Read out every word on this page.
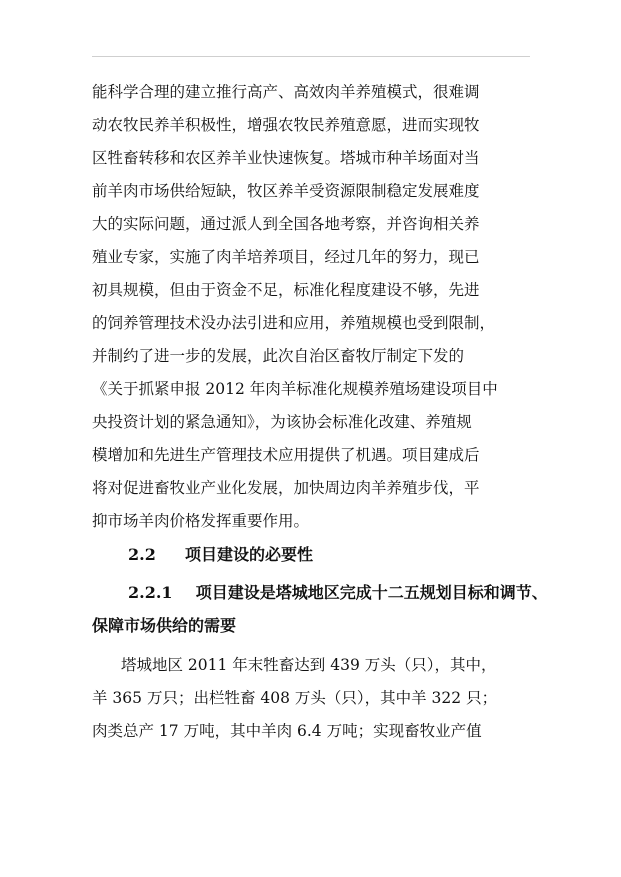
能科学合理的建立推行高产、高效肉羊养殖模式，很难调
动农牧民养羊积极性，增强农牧民养殖意愿，进而实现牧
区牲畜转移和农区养羊业快速恢复。塔城市种羊场面对当
前羊肉市场供给短缺，牧区养羊受资源限制稳定发展难度
大的实际问题，通过派人到全国各地考察，并咨询相关养
殖业专家，实施了肉羊培养项目，经过几年的努力，现已
初具规模，但由于资金不足，标准化程度建设不够，先进
的饲养管理技术没办法引进和应用，养殖规模也受到限制，
并制约了进一步的发展，此次自治区畜牧厅制定下发的
《关于抓紧申报 2012 年肉羊标准化规模养殖场建设项目中
央投资计划的紧急通知》，为该协会标准化改建、养殖规
模增加和先进生产管理技术应用提供了机遇。项目建成后
将对促进畜牧业产业化发展，加快周边肉羊养殖步伐，平
抑市场羊肉价格发挥重要作用。
2.2 项目建设的必要性
2.2.1 项目建设是塔城地区完成十二五规划目标和调节、
保障市场供给的需要
塔城地区 2011 年末牲畜达到 439 万头（只），其中，
羊 365 万只；出栏牲畜 408 万头（只），其中羊 322 只；
肉类总产 17 万吨，其中羊肉 6.4 万吨；实现畜牧业产值
